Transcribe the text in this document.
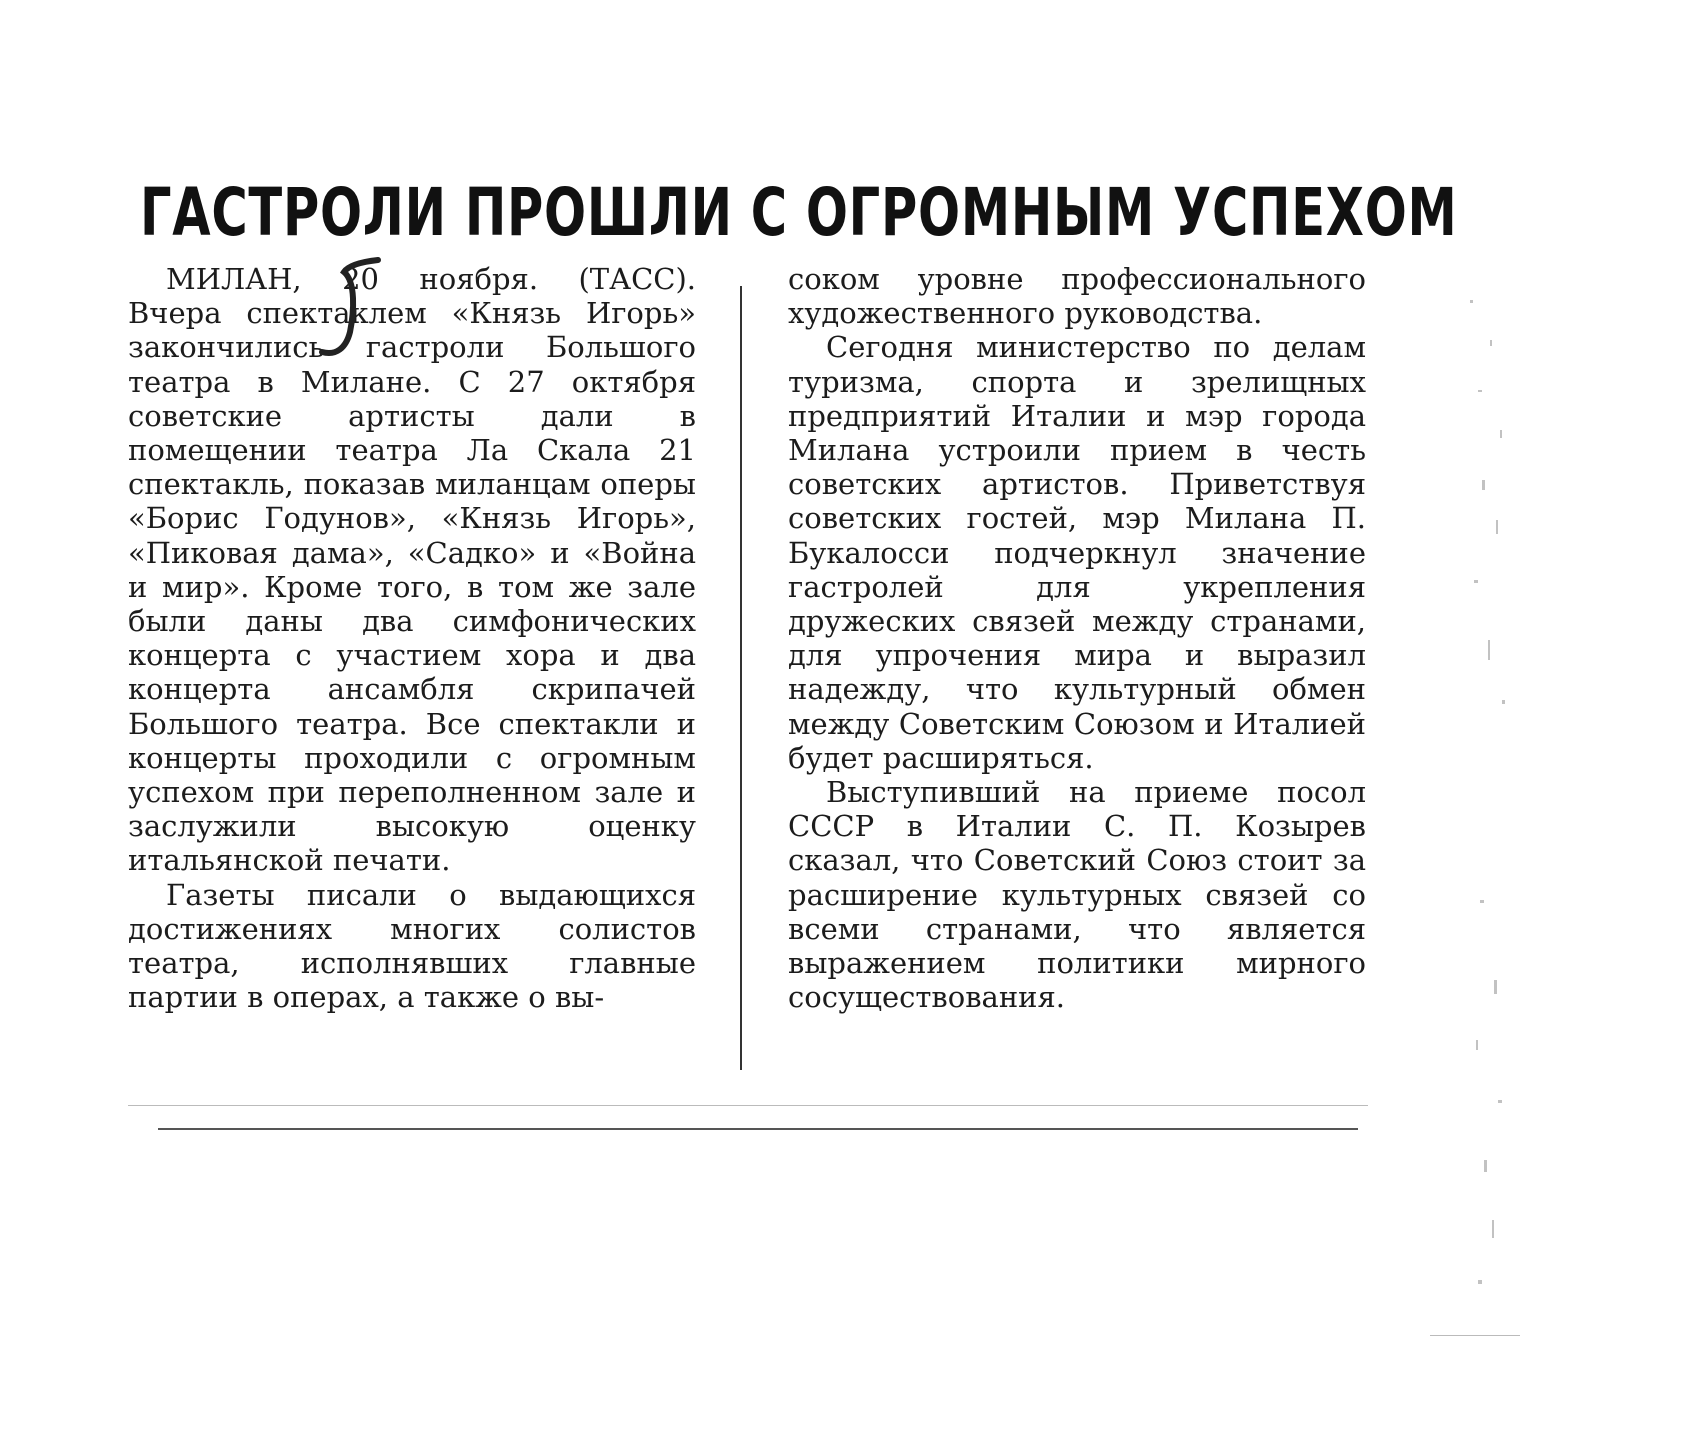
ГАСТРОЛИ ПРОШЛИ С ОГРОМНЫМ УСПЕХОМ

МИЛАН, 20 ноября. (ТАСС). Вчера спектаклем «Князь Игорь» закончились гастроли Большого театра в Милане. С 27 октября советские артисты дали в помещении театра Ла Скала 21 спектакль, показав миланцам оперы «Борис Годунов», «Князь Игорь», «Пиковая дама», «Садко» и «Война и мир». Кроме того, в том же зале были даны два симфонических концерта с участием хора и два концерта ансамбля скрипачей Большого театра. Все спектакли и концерты проходили с огромным успехом при переполненном зале и заслужили высокую оценку итальянской печати.

Газеты писали о выдающихся достижениях многих солистов театра, исполнявших главные партии в операх, а также о вы-

соком уровне профессионального художественного руководства.

Сегодня министерство по делам туризма, спорта и зрелищных предприятий Италии и мэр города Милана устроили прием в честь советских артистов. Приветствуя советских гостей, мэр Милана П. Букалосси подчеркнул значение гастролей для укрепления дружеских связей между странами, для упрочения мира и выразил надежду, что культурный обмен между Советским Союзом и Италией будет расширяться.

Выступивший на приеме посол СССР в Италии С. П. Козырев сказал, что Советский Союз стоит за расширение культурных связей со всеми странами, что является выражением политики мирного сосуществования.
